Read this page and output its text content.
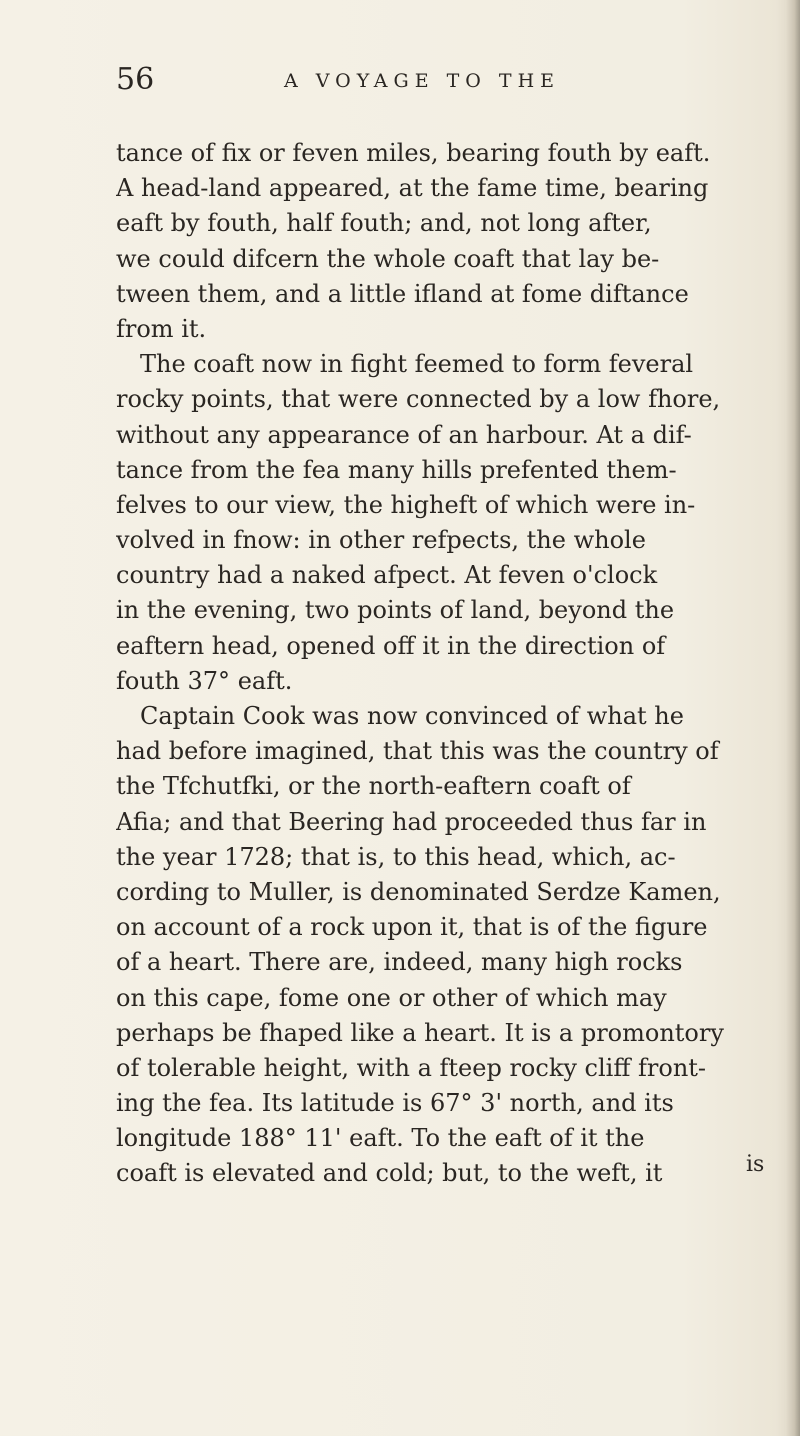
56	A VOYAGE TO THE
tance of fix or feven miles, bearing fouth by eaft.
A head-land appeared, at the fame time, bearing
eaft by fouth, half fouth; and, not long after,
we could difcern the whole coaft that lay be-
tween them, and a little ifland at fome diftance
from it.
The coaft now in fight feemed to form feveral
rocky points, that were connected by a low fhore,
without any appearance of an harbour. At a dif-
tance from the fea many hills prefented them-
felves to our view, the higheft of which were in-
volved in fnow: in other refpects, the whole
country had a naked afpect. At feven o'clock
in the evening, two points of land, beyond the
eaftern head, opened off it in the direction of
fouth 37° eaft.
Captain Cook was now convinced of what he
had before imagined, that this was the country of
the Tfchutfki, or the north-eaftern coaft of
Afia; and that Beering had proceeded thus far in
the year 1728; that is, to this head, which, ac-
cording to Muller, is denominated Serdze Kamen,
on account of a rock upon it, that is of the figure
of a heart. There are, indeed, many high rocks
on this cape, fome one or other of which may
perhaps be fhaped like a heart. It is a promontory
of tolerable height, with a fteep rocky cliff front-
ing the fea. Its latitude is 67° 3' north, and its
longitude 188° 11' eaft. To the eaft of it the
coaft is elevated and cold; but, to the weft, it	is
